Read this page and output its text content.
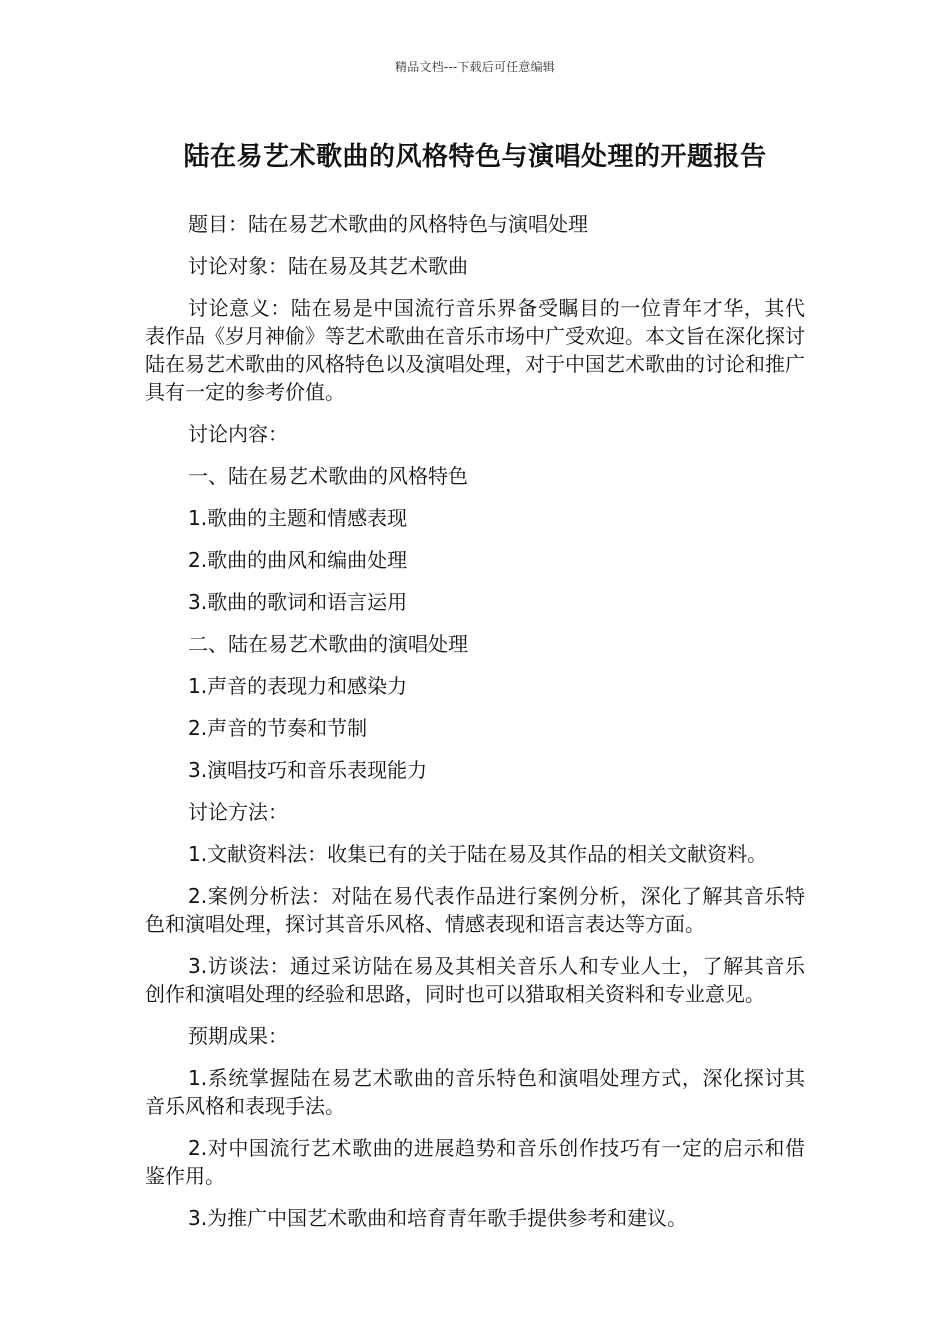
精品文档---下载后可任意编辑
陆在易艺术歌曲的风格特色与演唱处理的开题报告

题目：陆在易艺术歌曲的风格特色与演唱处理

讨论对象：陆在易及其艺术歌曲

讨论意义：陆在易是中国流行音乐界备受瞩目的一位青年才华，其代表作品《岁月神偷》等艺术歌曲在音乐市场中广受欢迎。本文旨在深化探讨陆在易艺术歌曲的风格特色以及演唱处理，对于中国艺术歌曲的讨论和推广具有一定的参考价值。

讨论内容：

一、陆在易艺术歌曲的风格特色

1.歌曲的主题和情感表现

2.歌曲的曲风和编曲处理

3.歌曲的歌词和语言运用

二、陆在易艺术歌曲的演唱处理

1.声音的表现力和感染力

2.声音的节奏和节制

3.演唱技巧和音乐表现能力

讨论方法：

1.文献资料法：收集已有的关于陆在易及其作品的相关文献资料。

2.案例分析法：对陆在易代表作品进行案例分析，深化了解其音乐特色和演唱处理，探讨其音乐风格、情感表现和语言表达等方面。

3.访谈法：通过采访陆在易及其相关音乐人和专业人士，了解其音乐创作和演唱处理的经验和思路，同时也可以猎取相关资料和专业意见。

预期成果：

1.系统掌握陆在易艺术歌曲的音乐特色和演唱处理方式，深化探讨其音乐风格和表现手法。

2.对中国流行艺术歌曲的进展趋势和音乐创作技巧有一定的启示和借鉴作用。

3.为推广中国艺术歌曲和培育青年歌手提供参考和建议。
